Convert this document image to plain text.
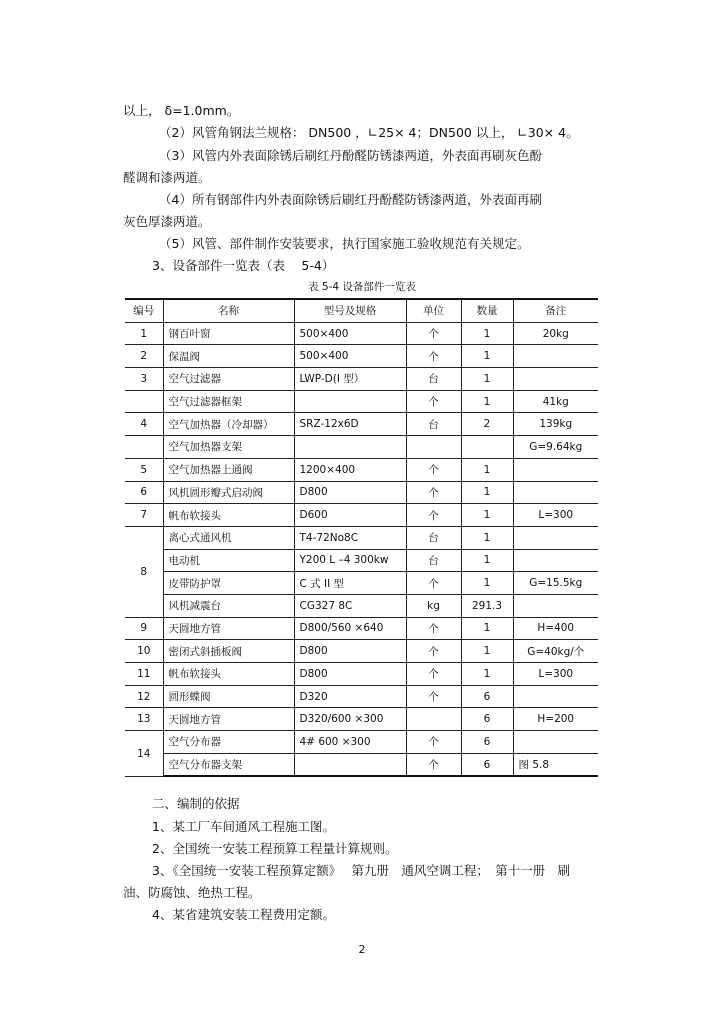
以上， δ=1.0mm。
（2）风管角钢法兰规格： DN500 ，∟25× 4；DN500 以上， ∟30× 4。
（3）风管内外表面除锈后刷红丹酚醛防锈漆两道，外表面再刷灰色酚
醛调和漆两道。
（4）所有钢部件内外表面除锈后刷红丹酚醛防锈漆两道，外表面再刷
灰色厚漆两道。
（5）风管、部件制作安装要求，执行国家施工验收规范有关规定。
3、设备部件一览表（表　 5-4）
表 5-4 设备部件一览表
编号	名称	型号及规格	单位	数量	备注
1	钢百叶窗	500×400	个	1	20kg
2	保温阀	500×400	个	1	
3	空气过滤器	LWP-D(I 型）	台	1	
	空气过滤器框架		个	1	41kg
4	空气加热器（冷却器）	SRZ-12x6D	台	2	139kg
	空气加热器支架				G=9.64kg
5	空气加热器上通阀	1200×400	个	1	
6	风机圆形瓣式启动阀	D800	个	1	
7	帆布软接头	D600	个	1	L=300
8	离心式通风机	T4-72No8C	台	1	
	电动机	Y200 L –4 300kw	台	1	
	皮带防护罩	C 式 II 型	个	1	G=15.5kg
	风机减震台	CG327 8C	kg	291.3	
9	天圆地方管	D800/560 ×640	个	1	H=400
10	密闭式斜插板阀	D800	个	1	G=40kg/个
11	帆布软接头	D800	个	1	L=300
12	圆形蝶阀	D320	个	6	
13	天圆地方管	D320/600 ×300		6	H=200
14	空气分布器	4# 600 ×300	个	6	
	空气分布器支架		个	6	图 5.8
二、编制的依据
1、某工厂车间通风工程施工图。
2、全国统一安装工程预算工程量计算规则。
3、《全国统一安装工程预算定额》　 第九册　通风空调工程；　第十一册　刷
油、防腐蚀、绝热工程。
4、某省建筑安装工程费用定额。
2
